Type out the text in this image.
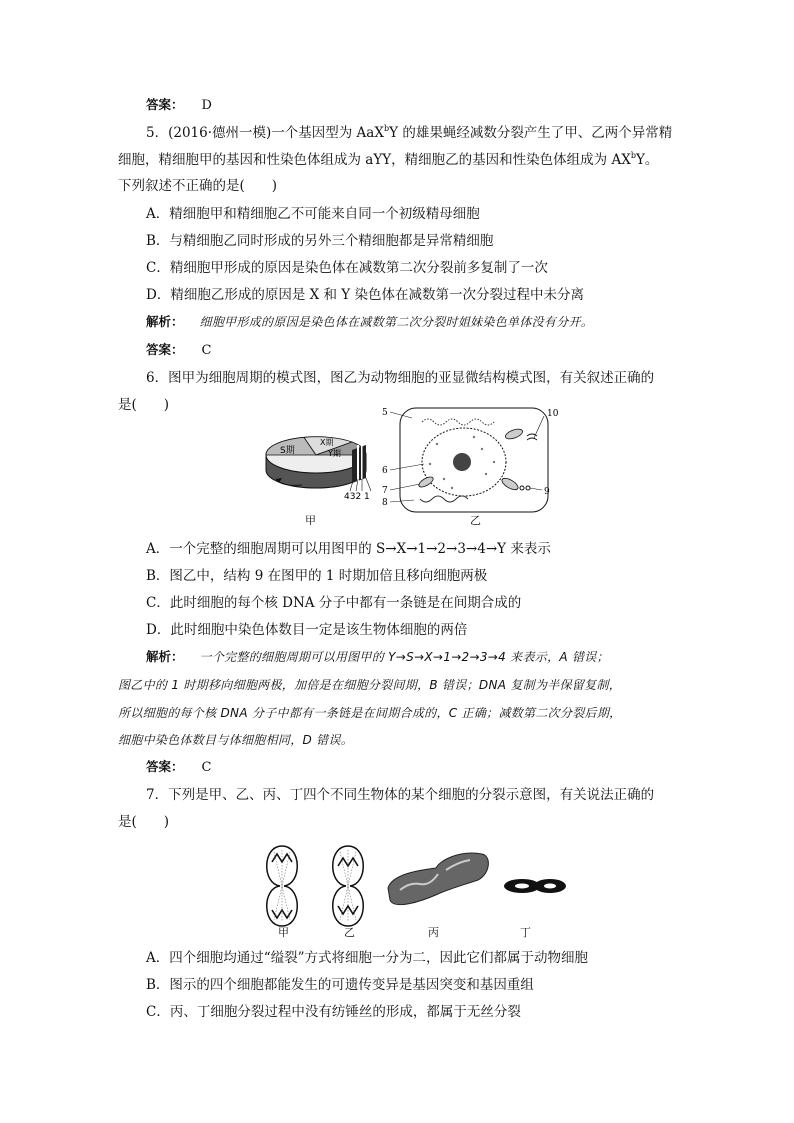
答案： D
5．(2016·德州一模)一个基因型为 AaX$^b$Y 的雄果蝇经减数分裂产生了甲、乙两个异常精
细胞，精细胞甲的基因和性染色体组成为 aYY，精细胞乙的基因和性染色体组成为 $AX^bY$。
下列叙述不正确的是(　　)
A．精细胞甲和精细胞乙不可能来自同一个初级精母细胞
B．与精细胞乙同时形成的另外三个精细胞都是异常精细胞
C．精细胞甲形成的原因是染色体在减数第二次分裂前多复制了一次
D．精细胞乙形成的原因是 X 和 Y 染色体在减数第一次分裂过程中未分离
解析： 细胞甲形成的原因是染色体在减数第二次分裂时姐妹染色单体没有分开。
答案： C
6．图甲为细胞周期的模式图，图乙为动物细胞的亚显微结构模式图，有关叙述正确的
是(　　)
S期
X期
Y期
432 1
甲
5
6
7
8
9
10
乙
A．一个完整的细胞周期可以用图甲的 S→X→1→2→3→4→Y 来表示
B．图乙中，结构 9 在图甲的 1 时期加倍且移向细胞两极
C．此时细胞的每个核 DNA 分子中都有一条链是在间期合成的
D．此时细胞中染色体数目一定是该生物体细胞的两倍
解析： 一个完整的细胞周期可以用图甲的 Y→S→X→1→2→3→4 来表示，A 错误；
图乙中的 1 时期移向细胞两极，加倍是在细胞分裂间期，B 错误；DNA 复制为半保留复制，
所以细胞的每个核 DNA 分子中都有一条链是在间期合成的，C 正确；减数第二次分裂后期，
细胞中染色体数目与体细胞相同，D 错误。
答案： C
7．下列是甲、乙、丙、丁四个不同生物体的某个细胞的分裂示意图，有关说法正确的
是(　　)
甲	乙	丙	丁
A．四个细胞均通过“缢裂”方式将细胞一分为二，因此它们都属于动物细胞
B．图示的四个细胞都能发生的可遗传变异是基因突变和基因重组
C．丙、丁细胞分裂过程中没有纺锤丝的形成，都属于无丝分裂
